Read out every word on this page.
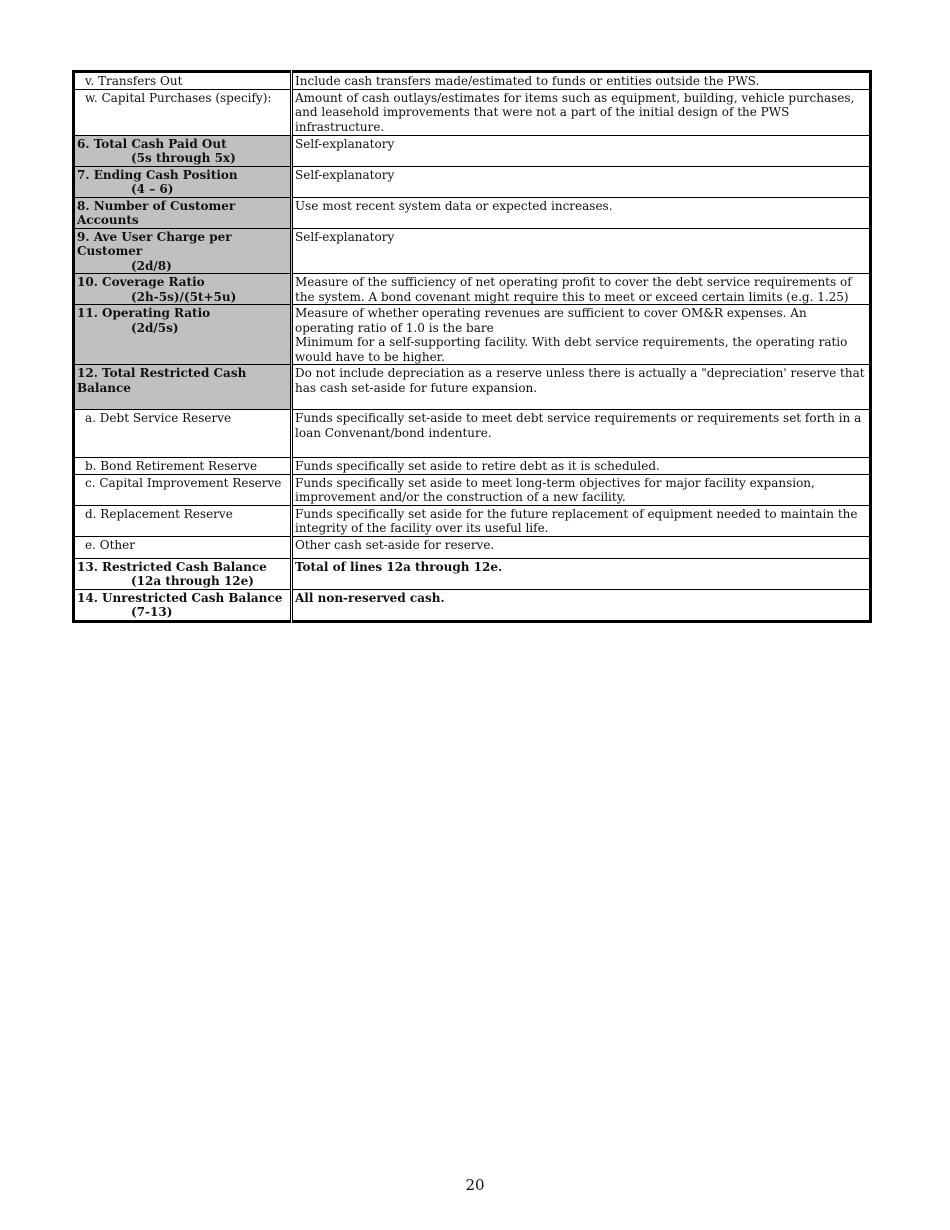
v. Transfers Out	Include cash transfers made/estimated to funds or entities outside the PWS.

w. Capital Purchases (specify):	Amount of cash outlays/estimates for items such as equipment, building, vehicle purchases, and leasehold improvements that were not a part of the initial design of the PWS infrastructure.

6. Total Cash Paid Out
(5s through 5x)	Self-explanatory

7. Ending Cash Position
(4 – 6)	Self-explanatory

8. Number of Customer Accounts	Use most recent system data or expected increases.

9. Ave User Charge per Customer
(2d/8)	Self-explanatory

10. Coverage Ratio
(2h-5s)/(5t+5u)	Measure of the sufficiency of net operating profit to cover the debt service requirements of the system. A bond covenant might require this to meet or exceed certain limits (e.g. 1.25)

11. Operating Ratio
(2d/5s)	Measure of whether operating revenues are sufficient to cover OM&R expenses. An operating ratio of 1.0 is the bare
Minimum for a self-supporting facility. With debt service requirements, the operating ratio would have to be higher.

12. Total Restricted Cash Balance	Do not include depreciation as a reserve unless there is actually a "depreciation' reserve that has cash set-aside for future expansion.

a. Debt Service Reserve	Funds specifically set-aside to meet debt service requirements or requirements set forth in a loan Convenant/bond indenture.

b. Bond Retirement Reserve	Funds specifically set aside to retire debt as it is scheduled.

c. Capital Improvement Reserve	Funds specifically set aside to meet long-term objectives for major facility expansion, improvement and/or the construction of a new facility.

d. Replacement Reserve	Funds specifically set aside for the future replacement of equipment needed to maintain the integrity of the facility over its useful life.

e. Other	Other cash set-aside for reserve.

13. Restricted Cash Balance
(12a through 12e)	Total of lines 12a through 12e.

14. Unrestricted Cash Balance
(7-13)	All non-reserved cash.
20
